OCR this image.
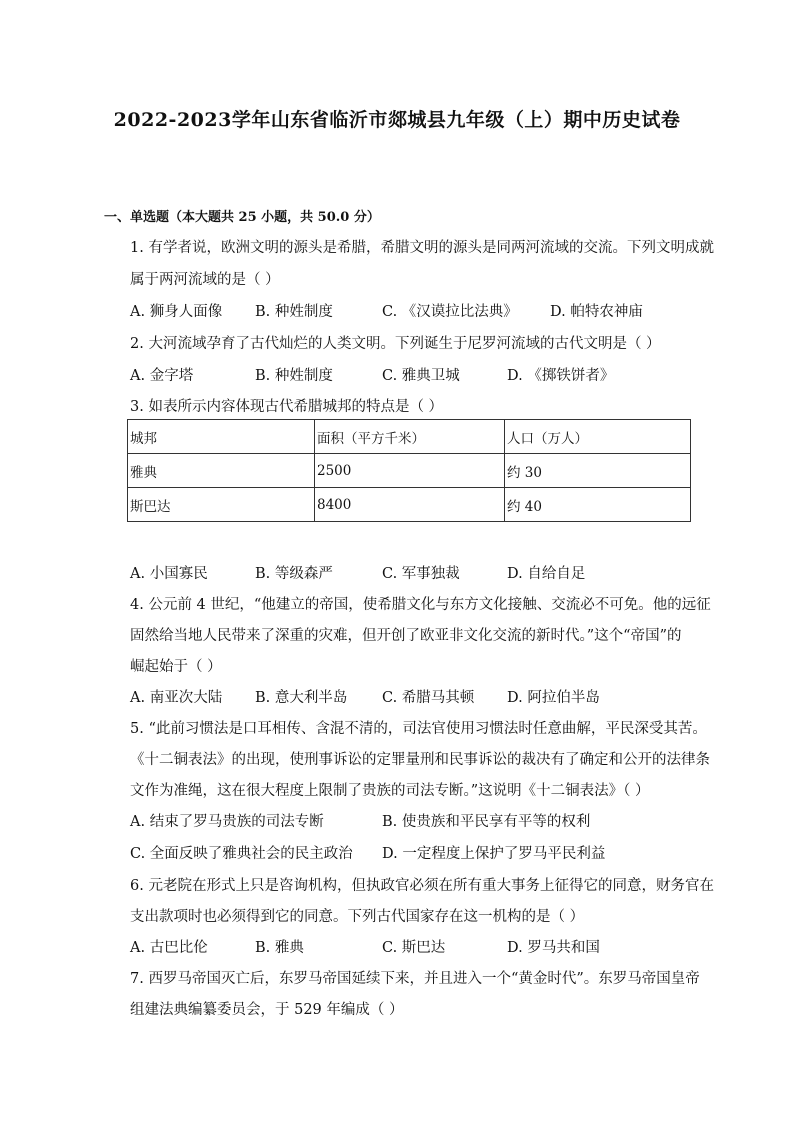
2022-2023学年山东省临沂市郯城县九年级（上）期中历史试卷
一、单选题（本大题共 25 小题，共 50.0 分）
1. 有学者说，欧洲文明的源头是希腊，希腊文明的源头是同两河流域的交流。下列文明成就
属于两河流域的是（ ）
A. 狮身人面像 B. 种姓制度	C. 《汉谟拉比法典》 D. 帕特农神庙
2. 大河流域孕育了古代灿烂的人类文明。下列诞生于尼罗河流域的古代文明是（ ）
A. 金字塔	B. 种姓制度	C. 雅典卫城	D. 《掷铁饼者》
3. 如表所示内容体现古代希腊城邦的特点是（ ）
城邦	面积（平方千米）	人口（万人）
雅典	2500	约 30
斯巴达	8400	约 40
A. 小国寡民	B. 等级森严	C. 军事独裁	D. 自给自足
4. 公元前 4 世纪，“他建立的帝国，使希腊文化与东方文化接触、交流必不可免。他的远征
固然给当地人民带来了深重的灾难，但开创了欧亚非文化交流的新时代。”这个“帝国”的
崛起始于（ ）
A. 南亚次大陆 B. 意大利半岛 C. 希腊马其顿 D. 阿拉伯半岛
5. “此前习惯法是口耳相传、含混不清的，司法官使用习惯法时任意曲解，平民深受其苦。
《十二铜表法》的出现，使刑事诉讼的定罪量刑和民事诉讼的裁决有了确定和公开的法律条
文作为准绳，这在很大程度上限制了贵族的司法专断。”这说明《十二铜表法》（ ）
A. 结束了罗马贵族的司法专断	B. 使贵族和平民享有平等的权利
C. 全面反映了雅典社会的民主政治 D. 一定程度上保护了罗马平民利益
6. 元老院在形式上只是咨询机构，但执政官必须在所有重大事务上征得它的同意，财务官在
支出款项时也必须得到它的同意。下列古代国家存在这一机构的是（ ）
A. 古巴比伦	B. 雅典	C. 斯巴达	D. 罗马共和国
7. 西罗马帝国灭亡后，东罗马帝国延续下来，并且进入一个“黄金时代”。东罗马帝国皇帝
组建法典编纂委员会，于 529 年编成（ ）
